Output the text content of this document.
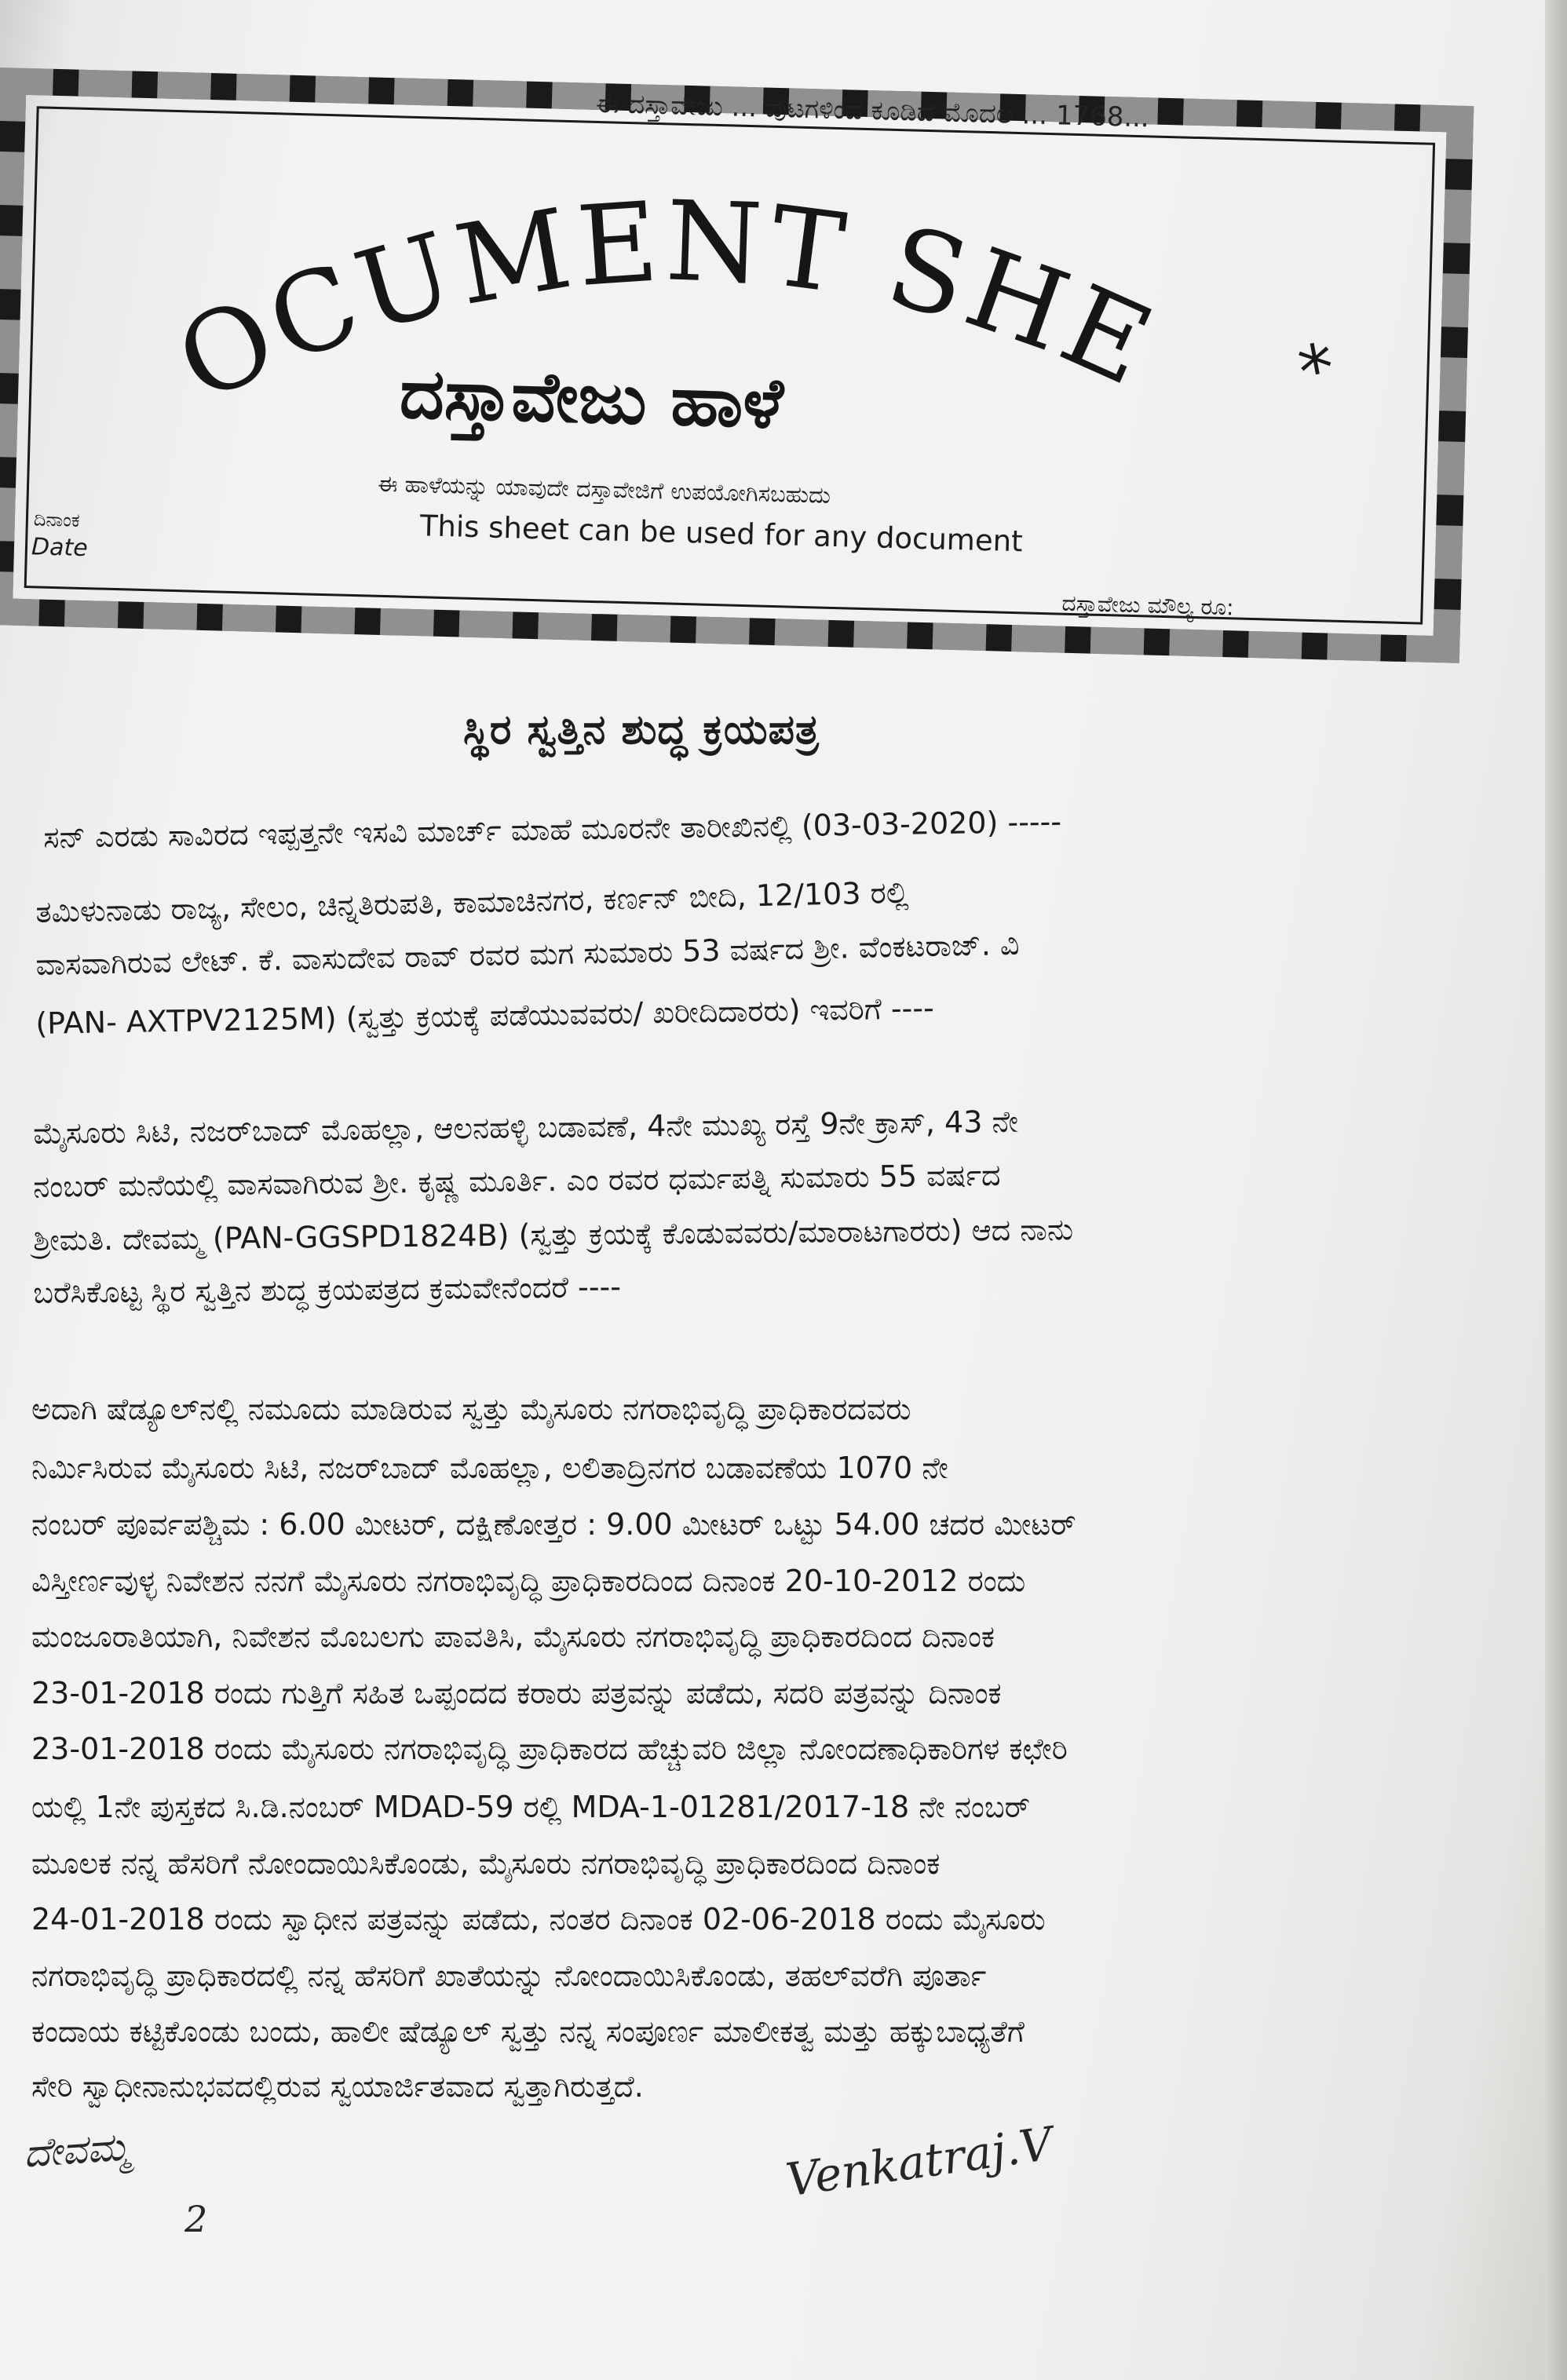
ಈ ದಸ್ತಾವೇಜು ... ಪುಟಗಳಿಂದ ಕೂಡಿದೆ ಮೊದಲ ... 1768...
DOCUMENT SHEET
ದಸ್ತಾವೇಜು ಹಾಳೆ
ಈ ಹಾಳೆಯನ್ನು ಯಾವುದೇ ದಸ್ತಾವೇಜಿಗೆ ಉಪಯೋಗಿಸಬಹುದು
This sheet can be used for any document
ದಿನಾಂಕ
Date
ದಸ್ತಾವೇಜು ಮೌಲ್ಯ ರೂ:
*
ಸ್ಥಿರ ಸ್ವತ್ತಿನ ಶುದ್ಧ ಕ್ರಯಪತ್ರ
ಸನ್ ಎರಡು ಸಾವಿರದ ಇಪ್ಪತ್ತನೇ ಇಸವಿ ಮಾರ್ಚ್ ಮಾಹೆ ಮೂರನೇ ತಾರೀಖಿನಲ್ಲಿ (03-03-2020) -----
ತಮಿಳುನಾಡು ರಾಜ್ಯ, ಸೇಲಂ, ಚಿನ್ನತಿರುಪತಿ, ಕಾಮಾಚಿನಗರ, ಕರ್ಣನ್ ಬೀದಿ, 12/103 ರಲ್ಲಿ
ವಾಸವಾಗಿರುವ ಲೇಟ್. ಕೆ. ವಾಸುದೇವ ರಾವ್ ರವರ ಮಗ ಸುಮಾರು 53 ವರ್ಷದ ಶ್ರೀ. ವೆಂಕಟರಾಜ್. ವಿ
(PAN- AXTPV2125M) (ಸ್ವತ್ತು ಕ್ರಯಕ್ಕೆ ಪಡೆಯುವವರು/ ಖರೀದಿದಾರರು) ಇವರಿಗೆ ----
ಮೈಸೂರು ಸಿಟಿ, ನಜರ್‌ಬಾದ್ ಮೊಹಲ್ಲಾ, ಆಲನಹಳ್ಳಿ ಬಡಾವಣೆ, 4ನೇ ಮುಖ್ಯ ರಸ್ತೆ 9ನೇ ಕ್ರಾಸ್, 43 ನೇ
ನಂಬರ್ ಮನೆಯಲ್ಲಿ ವಾಸವಾಗಿರುವ ಶ್ರೀ. ಕೃಷ್ಣ ಮೂರ್ತಿ. ಎಂ ರವರ ಧರ್ಮಪತ್ನಿ ಸುಮಾರು 55 ವರ್ಷದ
ಶ್ರೀಮತಿ. ದೇವಮ್ಮ (PAN-GGSPD1824B) (ಸ್ವತ್ತು ಕ್ರಯಕ್ಕೆ ಕೊಡುವವರು/ಮಾರಾಟಗಾರರು) ಆದ ನಾನು
ಬರೆಸಿಕೊಟ್ಟ ಸ್ಥಿರ ಸ್ವತ್ತಿನ ಶುದ್ಧ ಕ್ರಯಪತ್ರದ ಕ್ರಮವೇನೆಂದರೆ ----
ಅದಾಗಿ ಷೆಡ್ಯೂಲ್‌ನಲ್ಲಿ ನಮೂದು ಮಾಡಿರುವ ಸ್ವತ್ತು ಮೈಸೂರು ನಗರಾಭಿವೃದ್ಧಿ ಪ್ರಾಧಿಕಾರದವರು
ನಿರ್ಮಿಸಿರುವ ಮೈಸೂರು ಸಿಟಿ, ನಜರ್‌ಬಾದ್ ಮೊಹಲ್ಲಾ, ಲಲಿತಾದ್ರಿನಗರ ಬಡಾವಣೆಯ 1070 ನೇ
ನಂಬರ್ ಪೂರ್ವಪಶ್ಚಿಮ : 6.00 ಮೀಟರ್, ದಕ್ಷಿಣೋತ್ತರ : 9.00 ಮೀಟರ್ ಒಟ್ಟು 54.00 ಚದರ ಮೀಟರ್
ವಿಸ್ತೀರ್ಣವುಳ್ಳ ನಿವೇಶನ ನನಗೆ ಮೈಸೂರು ನಗರಾಭಿವೃದ್ಧಿ ಪ್ರಾಧಿಕಾರದಿಂದ ದಿನಾಂಕ 20-10-2012 ರಂದು
ಮಂಜೂರಾತಿಯಾಗಿ, ನಿವೇಶನ ಮೊಬಲಗು ಪಾವತಿಸಿ, ಮೈಸೂರು ನಗರಾಭಿವೃದ್ಧಿ ಪ್ರಾಧಿಕಾರದಿಂದ ದಿನಾಂಕ
23-01-2018 ರಂದು ಗುತ್ತಿಗೆ ಸಹಿತ ಒಪ್ಪಂದದ ಕರಾರು ಪತ್ರವನ್ನು ಪಡೆದು, ಸದರಿ ಪತ್ರವನ್ನು ದಿನಾಂಕ
23-01-2018 ರಂದು ಮೈಸೂರು ನಗರಾಭಿವೃದ್ಧಿ ಪ್ರಾಧಿಕಾರದ ಹೆಚ್ಚುವರಿ ಜಿಲ್ಲಾ ನೋಂದಣಾಧಿಕಾರಿಗಳ ಕಛೇರಿ
ಯಲ್ಲಿ 1ನೇ ಪುಸ್ತಕದ ಸಿ.ಡಿ.ನಂಬರ್ MDAD-59 ರಲ್ಲಿ MDA-1-01281/2017-18 ನೇ ನಂಬರ್
ಮೂಲಕ ನನ್ನ ಹೆಸರಿಗೆ ನೋಂದಾಯಿಸಿಕೊಂಡು, ಮೈಸೂರು ನಗರಾಭಿವೃದ್ಧಿ ಪ್ರಾಧಿಕಾರದಿಂದ ದಿನಾಂಕ
24-01-2018 ರಂದು ಸ್ವಾಧೀನ ಪತ್ರವನ್ನು ಪಡೆದು, ನಂತರ ದಿನಾಂಕ 02-06-2018 ರಂದು ಮೈಸೂರು
ನಗರಾಭಿವೃದ್ಧಿ ಪ್ರಾಧಿಕಾರದಲ್ಲಿ ನನ್ನ ಹೆಸರಿಗೆ ಖಾತೆಯನ್ನು ನೋಂದಾಯಿಸಿಕೊಂಡು, ತಹಲ್‌ವರೆಗಿ ಪೂರ್ತಾ
ಕಂದಾಯ ಕಟ್ಟಿಕೊಂಡು ಬಂದು, ಹಾಲೀ ಷೆಡ್ಯೂಲ್ ಸ್ವತ್ತು ನನ್ನ ಸಂಪೂರ್ಣ ಮಾಲೀಕತ್ವ ಮತ್ತು ಹಕ್ಕುಬಾಧ್ಯತೆಗೆ
ಸೇರಿ ಸ್ವಾಧೀನಾನುಭವದಲ್ಲಿರುವ ಸ್ವಯಾರ್ಜಿತವಾದ ಸ್ವತ್ತಾಗಿರುತ್ತದೆ.
ದೇವಮ್ಮ
2
Venkatraj.V
